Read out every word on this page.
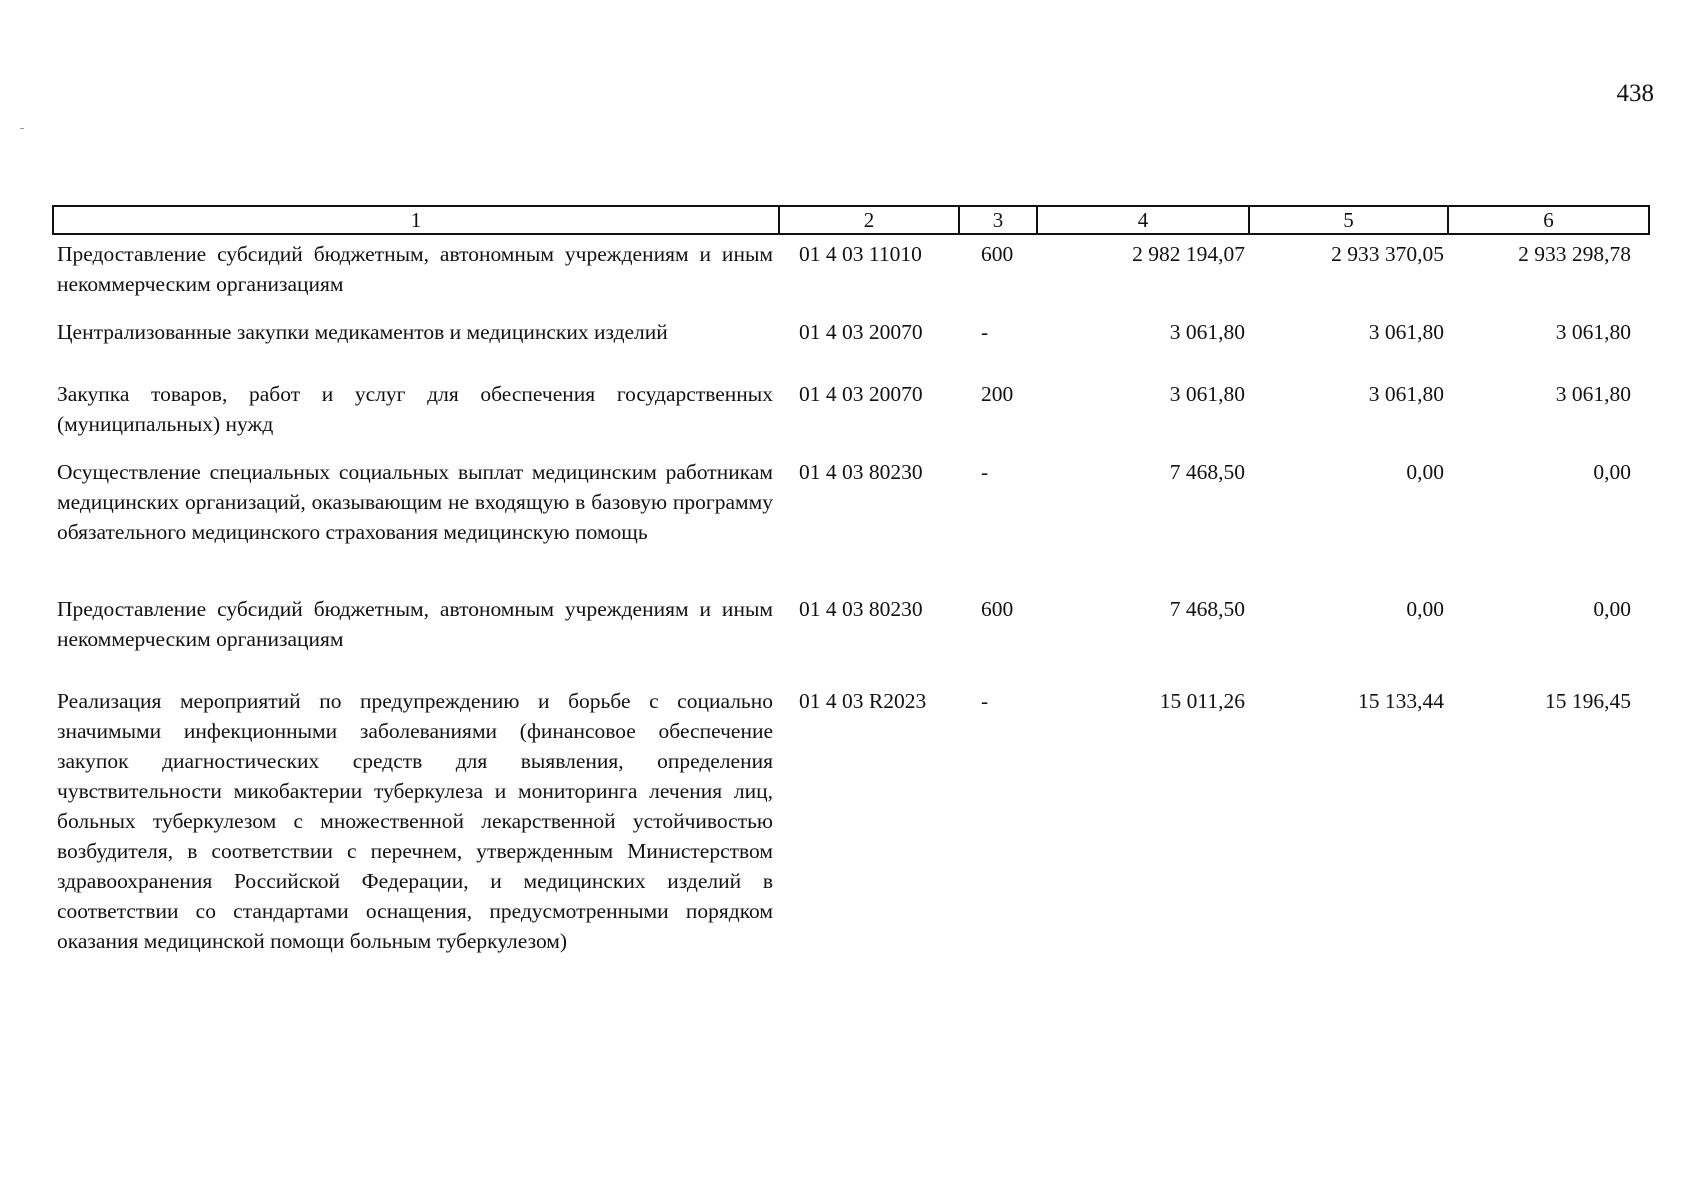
438
1	2	3	4	5	6
Предоставление субсидий бюджетным, автономным учреждениям и иным некоммерческим организациям	01 4 03 11010	600	2 982 194,07	2 933 370,05	2 933 298,78
Централизованные закупки медикаментов и медицинских изделий	01 4 03 20070	-	3 061,80	3 061,80	3 061,80
Закупка товаров, работ и услуг для обеспечения государственных (муниципальных) нужд	01 4 03 20070	200	3 061,80	3 061,80	3 061,80
Осуществление специальных социальных выплат медицинским работникам медицинских организаций, оказывающим не входящую в базовую программу обязательного медицинского страхования медицинскую помощь	01 4 03 80230	-	7 468,50	0,00	0,00
Предоставление субсидий бюджетным, автономным учреждениям и иным некоммерческим организациям	01 4 03 80230	600	7 468,50	0,00	0,00
Реализация мероприятий по предупреждению и борьбе с социально значимыми инфекционными заболеваниями (финансовое обеспечение закупок диагностических средств для выявления, определения чувствительности микобактерии туберкулеза и мониторинга лечения лиц, больных туберкулезом с множественной лекарственной устойчивостью возбудителя, в соответствии с перечнем, утвержденным Министерством здравоохранения Российской Федерации, и медицинских изделий в соответствии со стандартами оснащения, предусмотренными порядком оказания медицинской помощи больным туберкулезом)	01 4 03 R2023	-	15 011,26	15 133,44	15 196,45
